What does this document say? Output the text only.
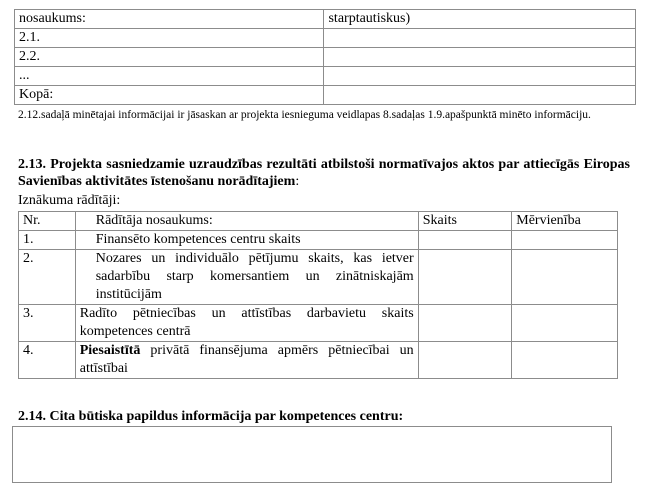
nosaukums:	starptautiskus)
2.1.	
2.2.	
...	
Kopā:	
2.12.sadaļā minētajai informācijai ir jāsaskan ar projekta iesnieguma veidlapas 8.sadaļas 1.9.apašpunktā minēto informāciju.
2.13. Projekta sasniedzamie uzraudzības rezultāti atbilstoši normatīvajos aktos par attiecīgās Eiropas Savienības aktivitātes īstenošanu norādītajiem:
Iznākuma rādītāji:
Nr.	Rādītāja nosaukums:	Skaits	Mērvienība
1.	Finansēto kompetences centru skaits		
2.	Nozares un individuālo pētījumu skaits, kas ietver sadarbību starp komersantiem un zinātniskajām institūcijām		
3.	Radīto pētniecības un attīstības darbavietu skaits kompetences centrā		
4.	Piesaistītā privātā finansējuma apmērs pētniecībai un attīstībai		
2.14. Cita būtiska papildus informācija par kompetences centru:
